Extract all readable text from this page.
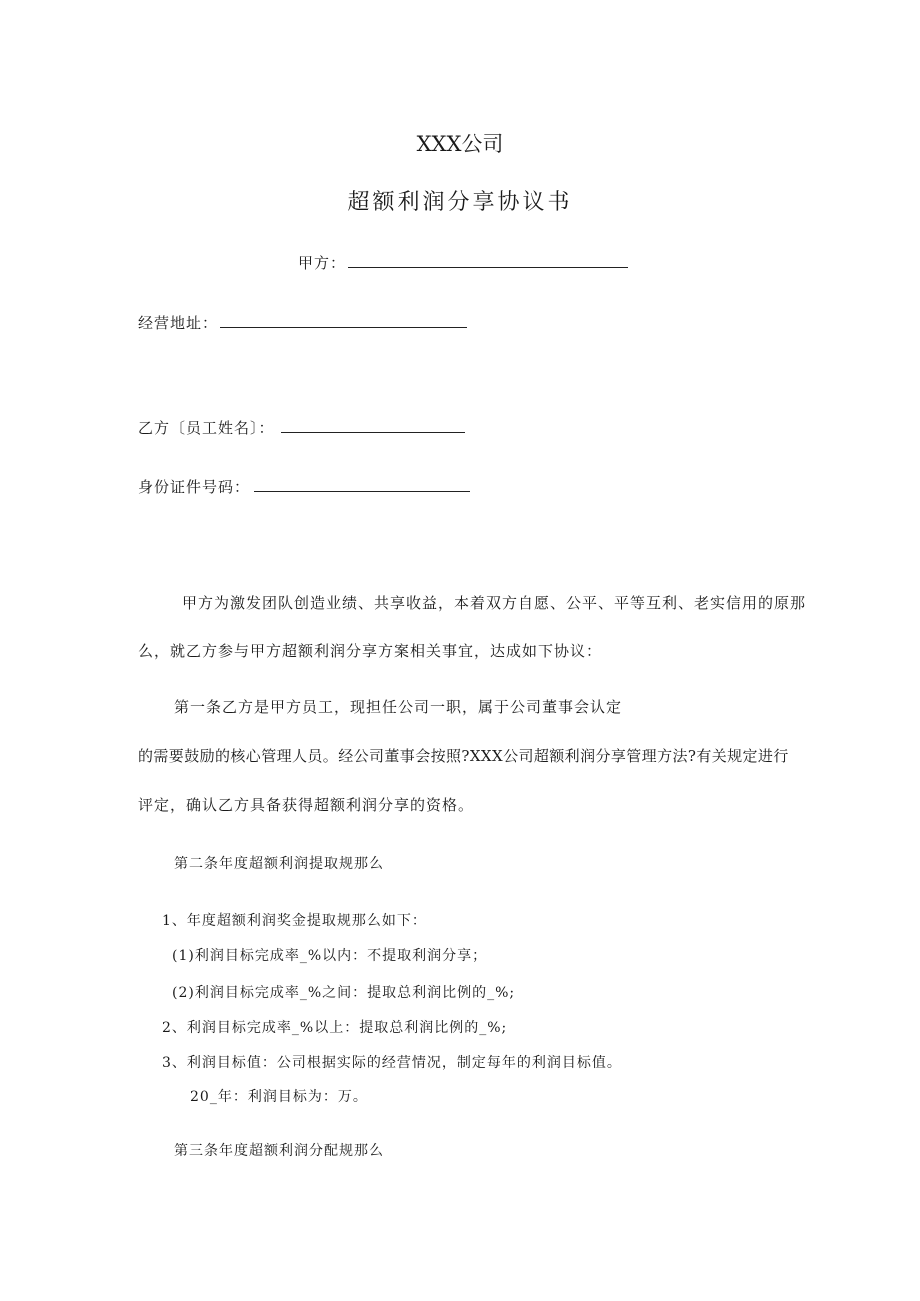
XXX公司
超额利润分享协议书
甲方：
经营地址：
乙方〔员工姓名〕：
身份证件号码：
甲方为激发团队创造业绩、共享收益，本着双方自愿、公平、平等互利、老实信用的原那
么，就乙方参与甲方超额利润分享方案相关事宜，达成如下协议：
第一条乙方是甲方员工，现担任公司一职，属于公司董事会认定
的需要鼓励的核心管理人员。经公司董事会按照?XXX公司超额利润分享管理方法?有关规定进行
评定，确认乙方具备获得超额利润分享的资格。
第二条年度超额利润提取规那么
1、年度超额利润奖金提取规那么如下：
(1)利润目标完成率_%以内：不提取利润分享；
(2)利润目标完成率_%之间：提取总利润比例的_%;
2、利润目标完成率_%以上：提取总利润比例的_%;
3、利润目标值：公司根据实际的经营情况，制定每年的利润目标值。
20_年：利润目标为：万。
第三条年度超额利润分配规那么
